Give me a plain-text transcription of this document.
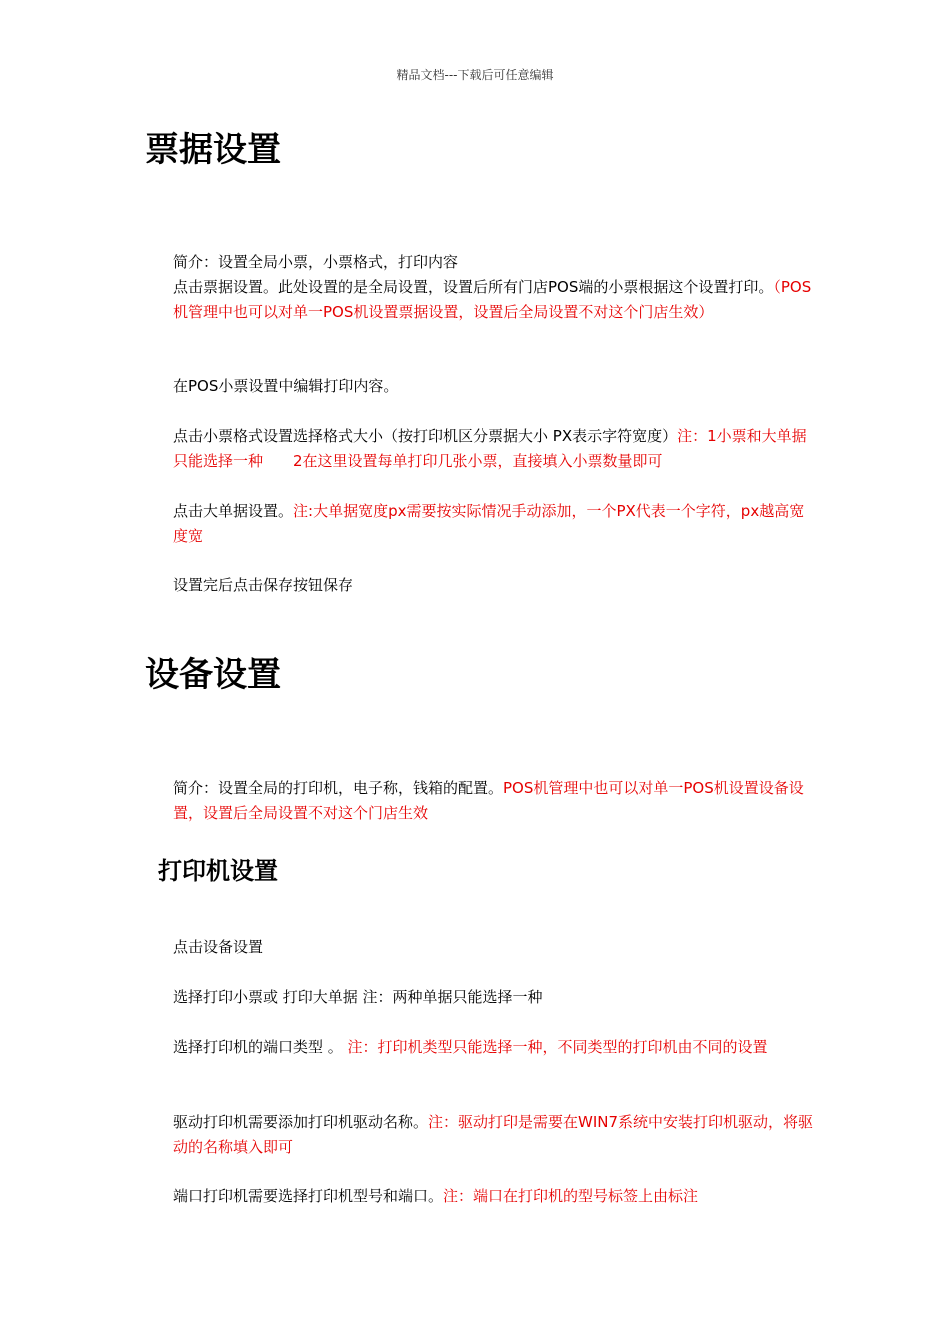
精品文档---下载后可任意编辑
票据设置

简介：设置全局小票，小票格式，打印内容

点击票据设置。此处设置的是全局设置，设置后所有门店POS端的小票根据这个设置打印。（POS机管理中也可以对单一POS机设置票据设置，设置后全局设置不对这个门店生效）

在POS小票设置中编辑打印内容。

点击小票格式设置选择格式大小（按打印机区分票据大小 PX表示字符宽度）注：1小票和大单据只能选择一种　　2在这里设置每单打印几张小票，直接填入小票数量即可

点击大单据设置。注:大单据宽度px需要按实际情况手动添加，一个PX代表一个字符，px越高宽度宽

设置完后点击保存按钮保存

设备设置

简介：设置全局的打印机，电子称，钱箱的配置。POS机管理中也可以对单一POS机设置设备设置，设置后全局设置不对这个门店生效

打印机设置

点击设备设置

选择打印小票或 打印大单据 注：两种单据只能选择一种

选择打印机的端口类型 。 注：打印机类型只能选择一种，不同类型的打印机由不同的设置

驱动打印机需要添加打印机驱动名称。注：驱动打印是需要在WIN7系统中安装打印机驱动，将驱动的名称填入即可

端口打印机需要选择打印机型号和端口。注：端口在打印机的型号标签上由标注
